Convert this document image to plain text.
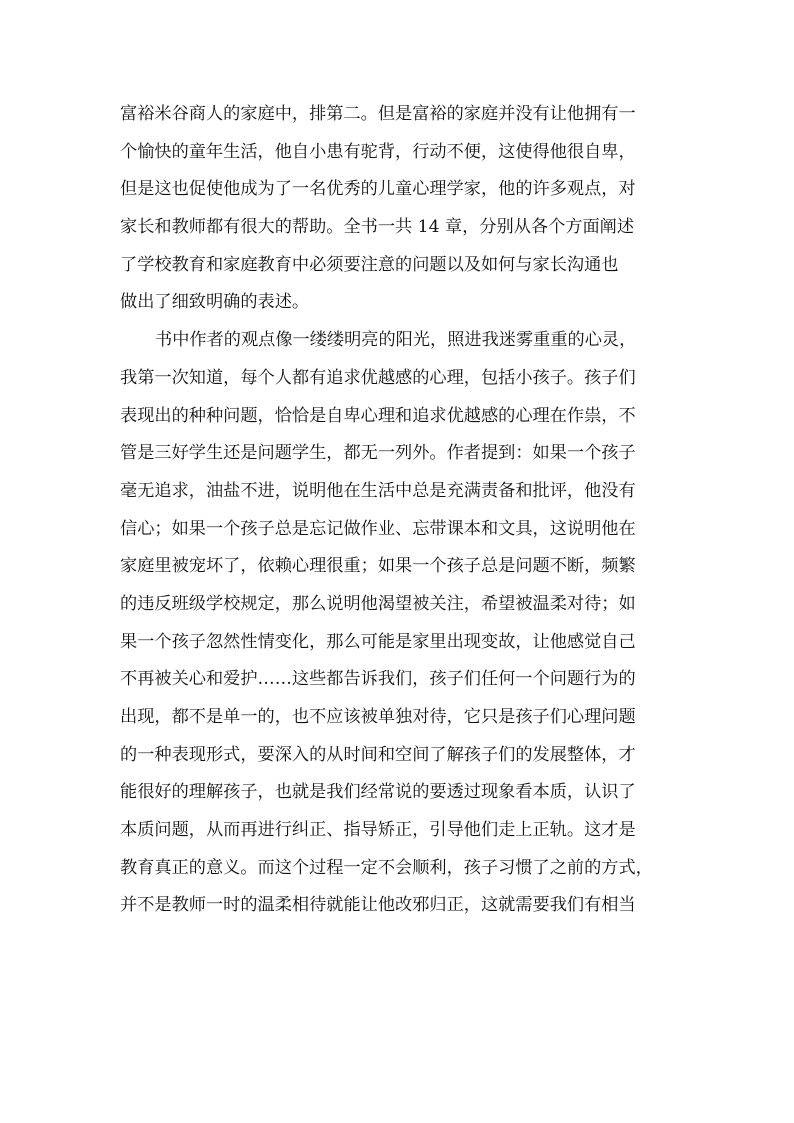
富裕米谷商人的家庭中，排第二。但是富裕的家庭并没有让他拥有一
个愉快的童年生活，他自小患有驼背，行动不便，这使得他很自卑，
但是这也促使他成为了一名优秀的儿童心理学家，他的许多观点，对
家长和教师都有很大的帮助。全书一共 14 章，分别从各个方面阐述
了学校教育和家庭教育中必须要注意的问题以及如何与家长沟通也
做出了细致明确的表述。
书中作者的观点像一缕缕明亮的阳光，照进我迷雾重重的心灵，
我第一次知道，每个人都有追求优越感的心理，包括小孩子。孩子们
表现出的种种问题，恰恰是自卑心理和追求优越感的心理在作祟，不
管是三好学生还是问题学生，都无一列外。作者提到：如果一个孩子
毫无追求，油盐不进，说明他在生活中总是充满责备和批评，他没有
信心；如果一个孩子总是忘记做作业、忘带课本和文具，这说明他在
家庭里被宠坏了，依赖心理很重；如果一个孩子总是问题不断，频繁
的违反班级学校规定，那么说明他渴望被关注，希望被温柔对待；如
果一个孩子忽然性情变化，那么可能是家里出现变故，让他感觉自己
不再被关心和爱护……这些都告诉我们，孩子们任何一个问题行为的
出现，都不是单一的，也不应该被单独对待，它只是孩子们心理问题
的一种表现形式，要深入的从时间和空间了解孩子们的发展整体，才
能很好的理解孩子，也就是我们经常说的要透过现象看本质，认识了
本质问题，从而再进行纠正、指导矫正，引导他们走上正轨。这才是
教育真正的意义。而这个过程一定不会顺利，孩子习惯了之前的方式，
并不是教师一时的温柔相待就能让他改邪归正，这就需要我们有相当
